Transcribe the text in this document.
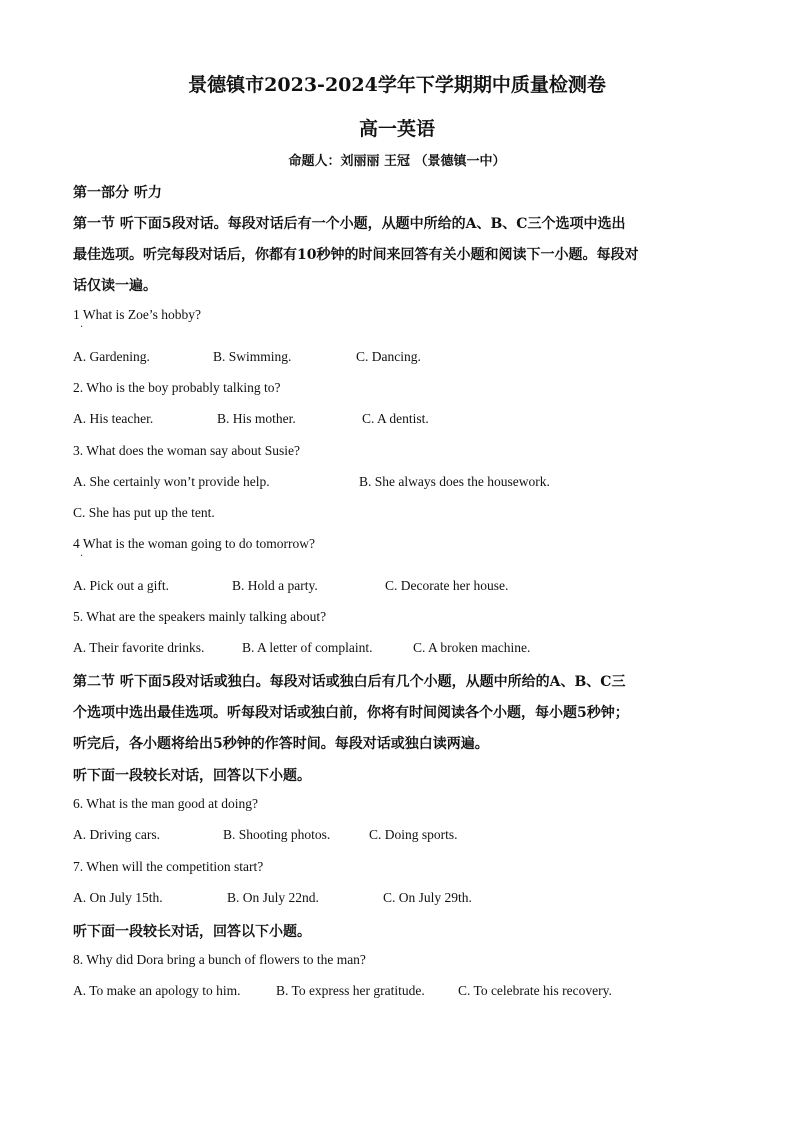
景德镇市2023-2024学年下学期期中质量检测卷
高一英语
命题人：刘丽丽 王冠 （景德镇一中）
第一部分 听力
第一节 听下面5段对话。每段对话后有一个小题，从题中所给的A、B、C三个选项中选出
最佳选项。听完每段对话后，你都有10秒钟的时间来回答有关小题和阅读下一小题。每段对
话仅读一遍。
1 What is Zoe’s hobby?
·
A. Gardening.	B. Swimming.	C. Dancing.
2. Who is the boy probably talking to?
A. His teacher.	B. His mother.	C. A dentist.
3. What does the woman say about Susie?
A. She certainly won’t provide help.	B. She always does the housework.
C. She has put up the tent.
4 What is the woman going to do tomorrow?
·
A. Pick out a gift.	B. Hold a party.	C. Decorate her house.
5. What are the speakers mainly talking about?
A. Their favorite drinks.	B. A letter of complaint.	C. A broken machine.
第二节 听下面5段对话或独白。每段对话或独白后有几个小题，从题中所给的A、B、C三
个选项中选出最佳选项。听每段对话或独白前，你将有时间阅读各个小题，每小题5秒钟；
听完后，各小题将给出5秒钟的作答时间。每段对话或独白读两遍。
听下面一段较长对话，回答以下小题。
6. What is the man good at doing?
A. Driving cars.	B. Shooting photos.	C. Doing sports.
7. When will the competition start?
A. On July 15th.	B. On July 22nd.	C. On July 29th.
听下面一段较长对话，回答以下小题。
8. Why did Dora bring a bunch of flowers to the man?
A. To make an apology to him.	B. To express her gratitude. C. To celebrate his recovery.
